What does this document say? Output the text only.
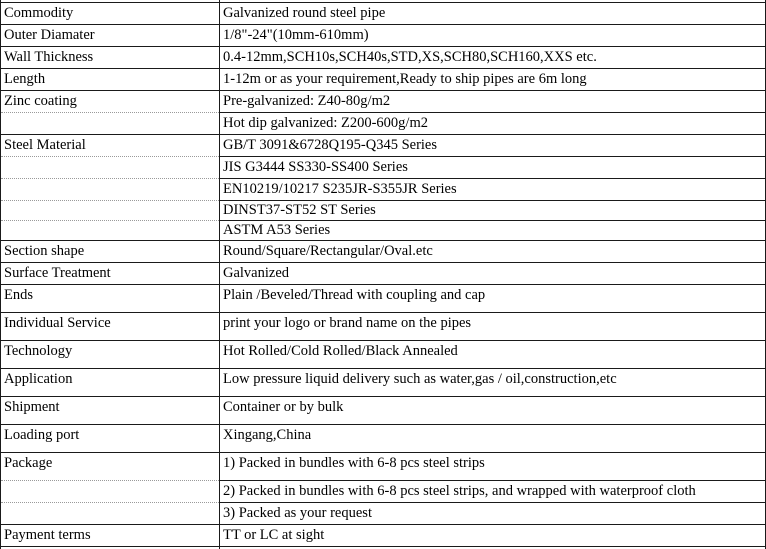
Commodity	Galvanized round steel pipe
Outer Diamater	1/8"-24"(10mm-610mm)
Wall Thickness	0.4-12mm,SCH10s,SCH40s,STD,XS,SCH80,SCH160,XXS etc.
Length	1-12m or as your requirement,Ready to ship pipes are 6m long
Zinc coating	Pre-galvanized: Z40-80g/m2
Hot dip galvanized: Z200-600g/m2
Steel Material	GB/T 3091&6728Q195-Q345 Series
JIS G3444 SS330-SS400 Series
EN10219/10217 S235JR-S355JR Series
DINST37-ST52 ST Series
ASTM A53 Series
Section shape	Round/Square/Rectangular/Oval.etc
Surface Treatment	Galvanized
Ends	Plain /Beveled/Thread with coupling and cap
Individual Service	print your logo or brand name on the pipes
Technology	Hot Rolled/Cold Rolled/Black Annealed
Application	Low pressure liquid delivery such as water,gas / oil,construction,etc
Shipment	Container or by bulk
Loading port	Xingang,China
Package	1) Packed in bundles with 6-8 pcs steel strips
2) Packed in bundles with 6-8 pcs steel strips, and wrapped with waterproof cloth
3) Packed as your request
Payment terms	TT or LC at sight
